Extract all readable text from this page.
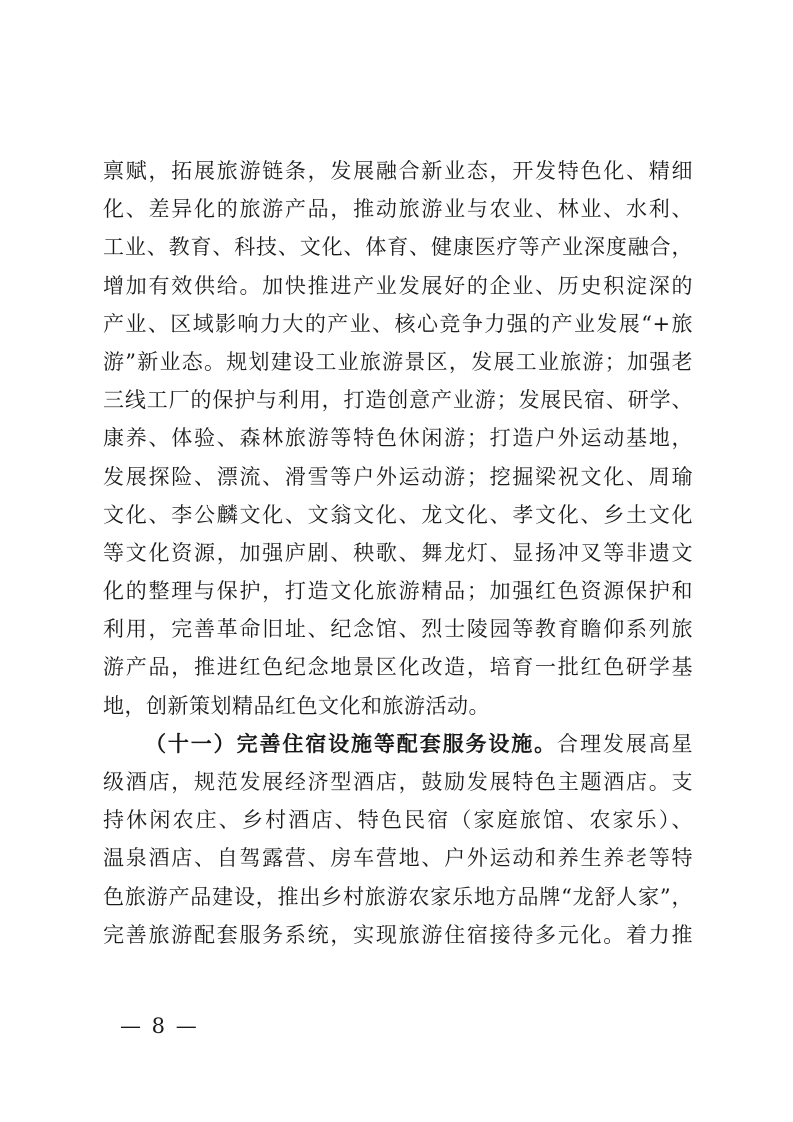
禀赋，拓展旅游链条，发展融合新业态，开发特色化、精细
化、差异化的旅游产品，推动旅游业与农业、林业、水利、
工业、教育、科技、文化、体育、健康医疗等产业深度融合，
增加有效供给。加快推进产业发展好的企业、历史积淀深的
产业、区域影响力大的产业、核心竞争力强的产业发展“+旅
游”新业态。规划建设工业旅游景区，发展工业旅游；加强老
三线工厂的保护与利用，打造创意产业游；发展民宿、研学、
康养、体验、森林旅游等特色休闲游；打造户外运动基地，
发展探险、漂流、滑雪等户外运动游；挖掘梁祝文化、周瑜
文化、李公麟文化、文翁文化、龙文化、孝文化、乡土文化
等文化资源，加强庐剧、秧歌、舞龙灯、显扬冲叉等非遗文
化的整理与保护，打造文化旅游精品；加强红色资源保护和
利用，完善革命旧址、纪念馆、烈士陵园等教育瞻仰系列旅
游产品，推进红色纪念地景区化改造，培育一批红色研学基
地，创新策划精品红色文化和旅游活动。
（十一）完善住宿设施等配套服务设施。合理发展高星
级酒店，规范发展经济型酒店，鼓励发展特色主题酒店。支
持休闲农庄、乡村酒店、特色民宿（家庭旅馆、农家乐）、
温泉酒店、自驾露营、房车营地、户外运动和养生养老等特
色旅游产品建设，推出乡村旅游农家乐地方品牌“龙舒人家”，
完善旅游配套服务系统，实现旅游住宿接待多元化。着力推
— 8 —
